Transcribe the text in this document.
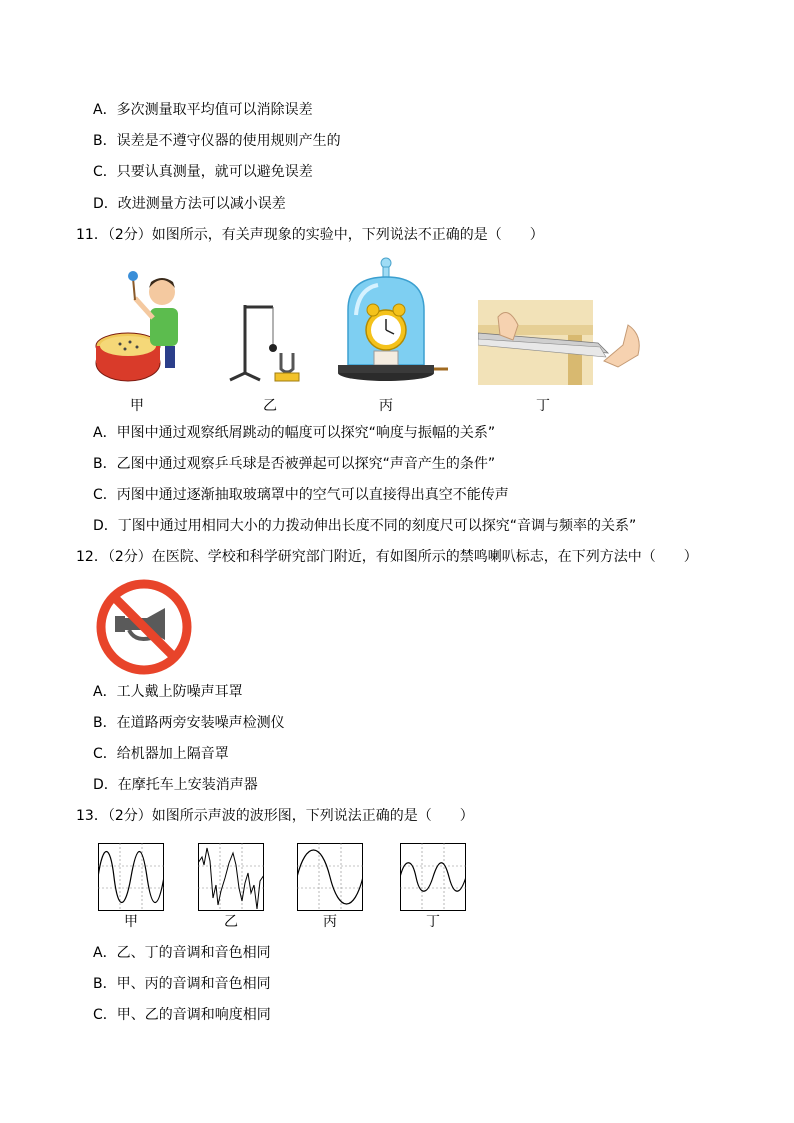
A．多次测量取平均值可以消除误差
B．误差是不遵守仪器的使用规则产生的
C．只要认真测量，就可以避免误差
D．改进测量方法可以减小误差
11．（2分）如图所示，有关声现象的实验中，下列说法不正确的是（　　）
甲	乙	丙	丁
A．甲图中通过观察纸屑跳动的幅度可以探究“响度与振幅的关系”
B．乙图中通过观察乒乓球是否被弹起可以探究“声音产生的条件”
C．丙图中通过逐渐抽取玻璃罩中的空气可以直接得出真空不能传声
D．丁图中通过用相同大小的力拨动伸出长度不同的刻度尺可以探究“音调与频率的关系”
12．（2分）在医院、学校和科学研究部门附近，有如图所示的禁鸣喇叭标志，在下列方法中（　　）
A．工人戴上防噪声耳罩
B．在道路两旁安装噪声检测仪
C．给机器加上隔音罩
D．在摩托车上安装消声器
13．（2分）如图所示声波的波形图，下列说法正确的是（　　）
甲	乙	丙	丁
A．乙、丁的音调和音色相同
B．甲、丙的音调和音色相同
C．甲、乙的音调和响度相同
